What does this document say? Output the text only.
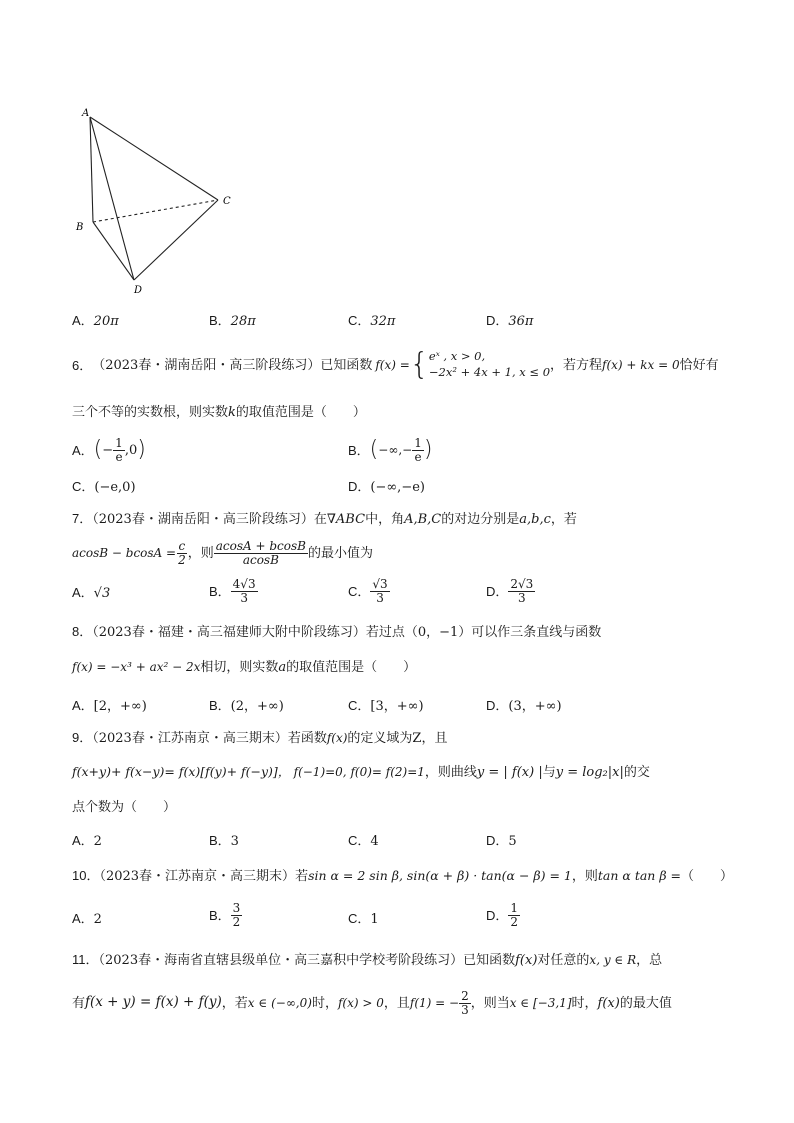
A
B
C
D
A．20π	B．28π	C．32π	D．36π
6． （2023春・湖南岳阳・高三阶段练习） 已知函数 f(x) = { eˣ , x > 0,
−2x² + 4x + 1, x ≤ 0 ，若方程 f(x) + kx = 0 恰好有
三个不等的实数根，则实数k的取值范围是（　　）
A． ( − $\frac{1}{e} ,0$ )	B． ( −∞,− $\frac{1}{e}$ )
C．(−e,0)	D．(−∞,−e)
7．（2023春・湖南岳阳・高三阶段练习）在∇ABC中，角A,B,C的对边分别是a,b,c，若
$acosB - bcosA = \frac{c}{2}$ ，则 $\frac{acosA + bcosB}{acosB}$ 的最小值为
A．√3	B． $\frac{4√3}{3}$	C． $\frac{√3}{3}$	D． $\frac{2√3}{3}$
8．（2023春・福建・高三福建师大附中阶段练习）若过点（0，−1）可以作三条直线与函数
f(x) = −x³ + ax² − 2x相切，则实数a的取值范围是（　　）
A．[2，+∞)	B．(2，+∞)	C．[3，+∞)	D．(3，+∞)
9．（2023春・江苏南京・高三期末）若函数f(x)的定义域为Z，且
f(x+y)+ f(x−y)= f(x)[f(y)+ f(−y)]， f(−1)=0, f(0)= f(2)=1，则曲线y = | f(x) |与y = log₂|x|的交
点个数为（　　）
A．2	B．3	C．4	D．5
10．（2023春・江苏南京・高三期末）若sin α = 2 sin β, sin(α + β) · tan(α − β) = 1，则tan α tan β =（　　）
A．2	B． $\frac{3}{2}$	C．1	D． $\frac{1}{2}$
11．（2023春・海南省直辖县级单位・高三嘉积中学校考阶段练习）已知函数f(x)对任意的x, y ∈ R，总
有 f(x + y) = f(x) + f(y) ，若 x ∈ (−∞,0) 时， f(x) > 0 ，且 f(1) = − $\frac{2}{3}$ ，则当 x ∈ [−3,1] 时， f(x) 的最大值
